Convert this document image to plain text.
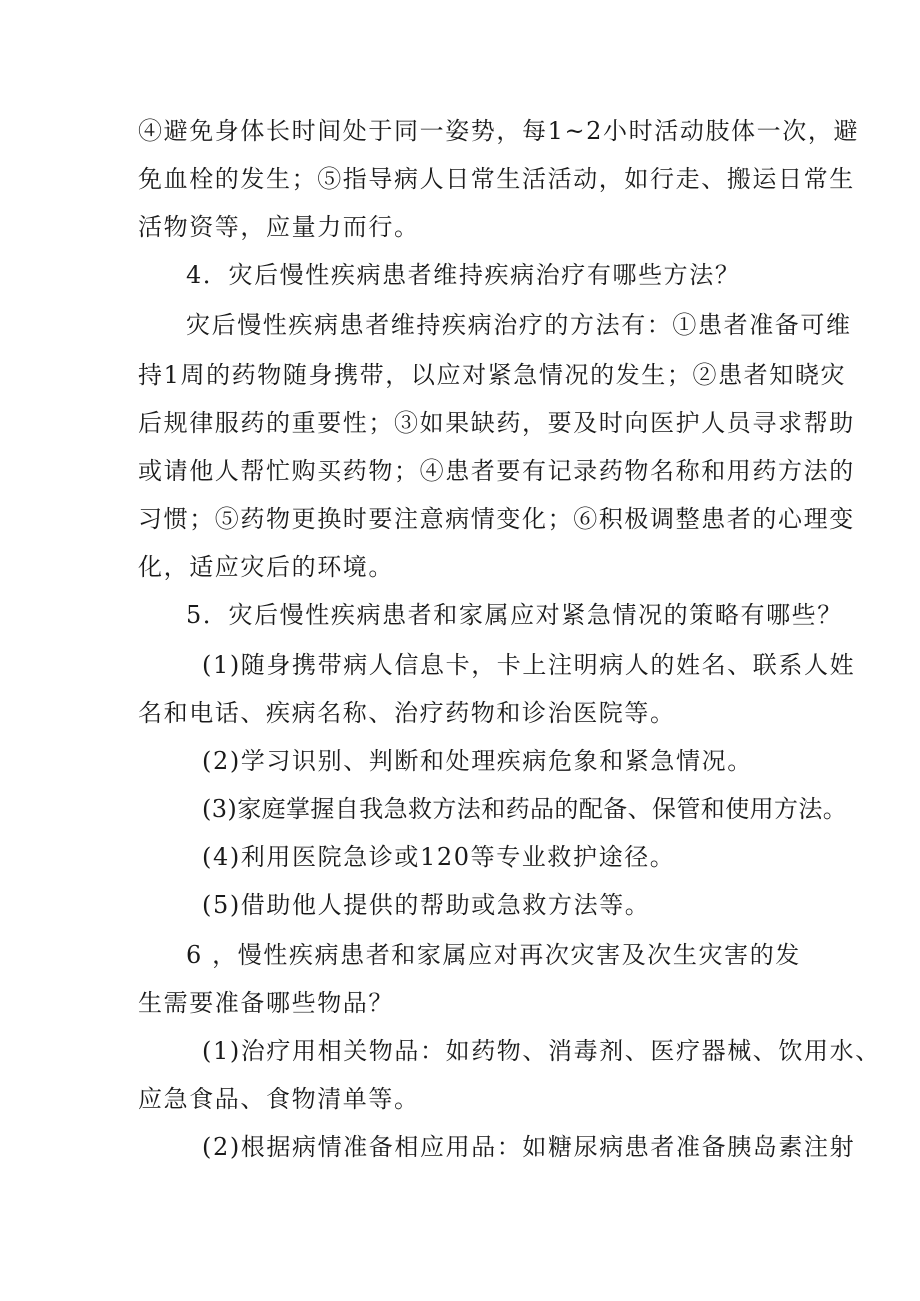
④避免身体长时间处于同一姿势，每1~2小时活动肢体一次，避
免血栓的发生；⑤指导病人日常生活活动，如行走、搬运日常生
活物资等，应量力而行。
4．灾后慢性疾病患者维持疾病治疗有哪些方法？
灾后慢性疾病患者维持疾病治疗的方法有：①患者准备可维
持1周的药物随身携带，以应对紧急情况的发生；②患者知晓灾
后规律服药的重要性；③如果缺药，要及时向医护人员寻求帮助
或请他人帮忙购买药物；④患者要有记录药物名称和用药方法的
习惯；⑤药物更换时要注意病情变化；⑥积极调整患者的心理变
化，适应灾后的环境。
5．灾后慢性疾病患者和家属应对紧急情况的策略有哪些？
(1)随身携带病人信息卡，卡上注明病人的姓名、联系人姓
名和电话、疾病名称、治疗药物和诊治医院等。
(2)学习识别、判断和处理疾病危象和紧急情况。
(3)家庭掌握自我急救方法和药品的配备、保管和使用方法。
(4)利用医院急诊或120等专业救护途径。
(5)借助他人提供的帮助或急救方法等。
6 ，慢性疾病患者和家属应对再次灾害及次生灾害的发
生需要准备哪些物品？
(1)治疗用相关物品：如药物、消毒剂、医疗器械、饮用水、
应急食品、食物清单等。
(2)根据病情准备相应用品：如糖尿病患者准备胰岛素注射
